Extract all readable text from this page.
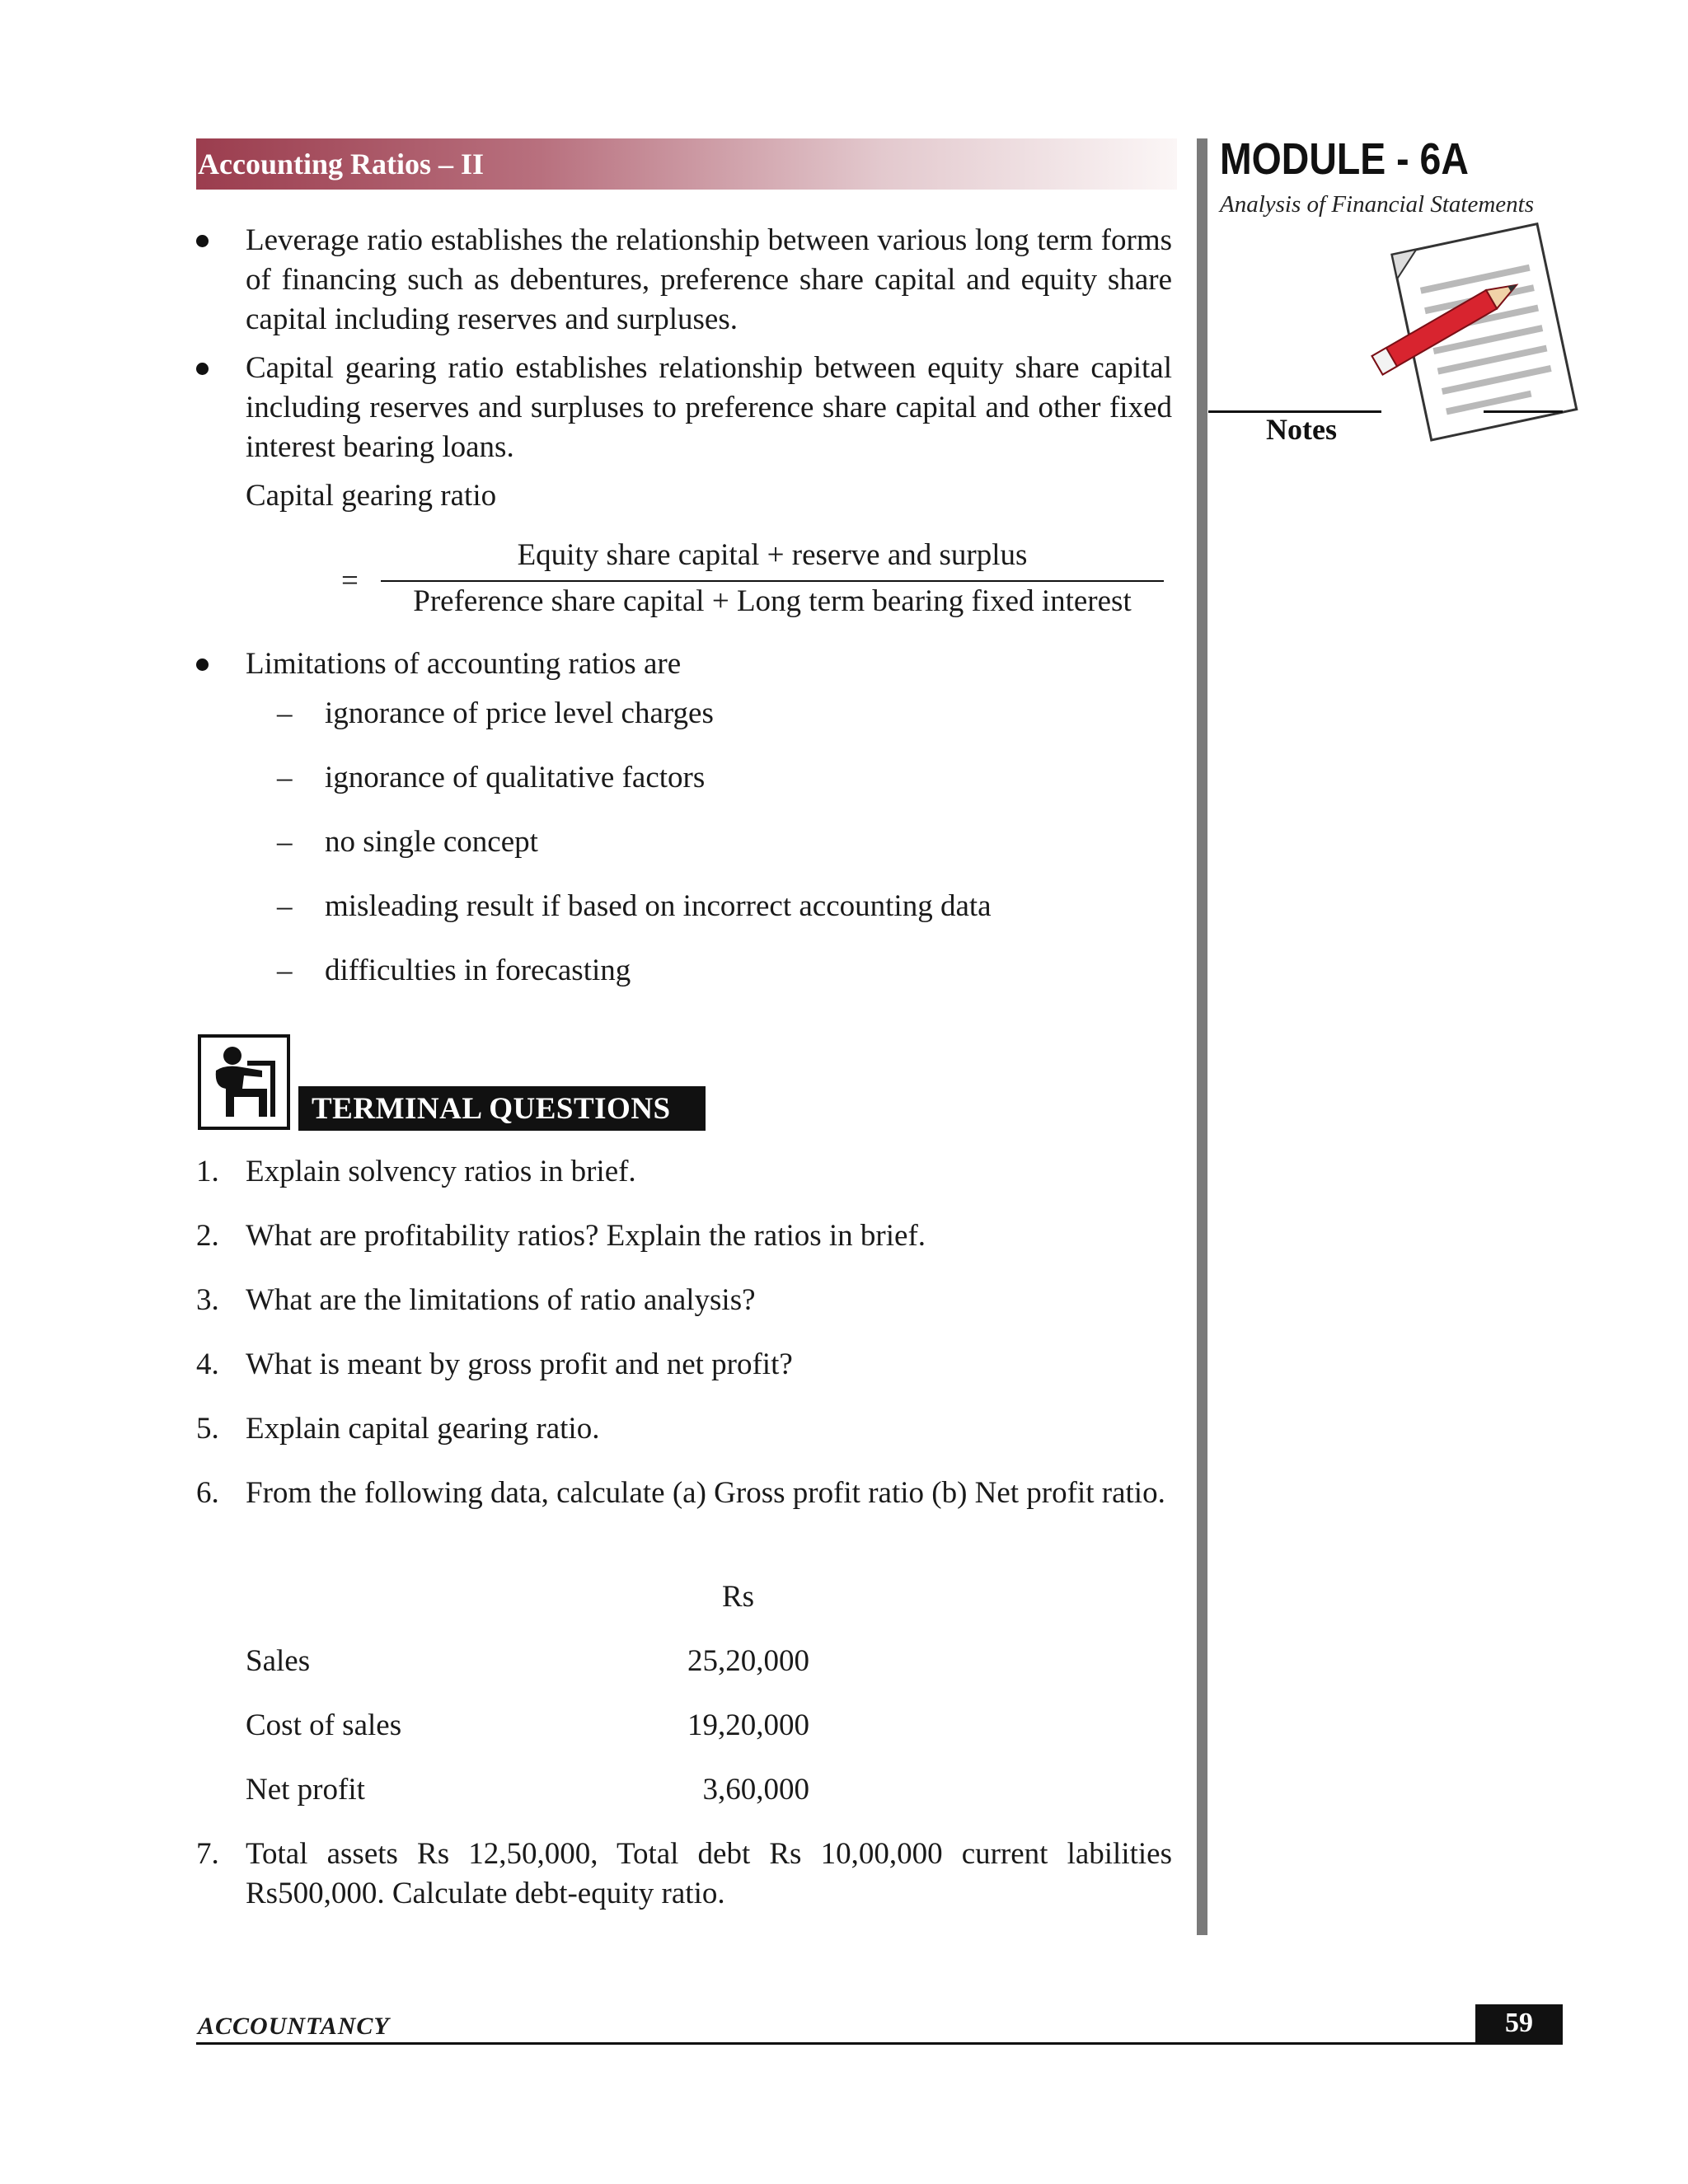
Accounting Ratios – II	MODULE - 6A
Analysis of Financial Statements
Notes
Leverage ratio establishes the relationship between various long term forms of financing such as debentures, preference share capital and equity share capital including reserves and surpluses.
Capital gearing ratio establishes relationship between equity share capital including reserves and surpluses to preference share capital and other fixed interest bearing loans.
Capital gearing ratio
=
Equity share capital + reserve and surplus
Preference share capital + Long term bearing fixed interest
Limitations of accounting ratios are
– ignorance of price level charges
– ignorance of qualitative factors
– no single concept
– misleading result if based on incorrect accounting data
– difficulties in forecasting
TERMINAL QUESTIONS
1. Explain solvency ratios in brief.
2. What are profitability ratios? Explain the ratios in brief.
3. What are the limitations of ratio analysis?
4. What is meant by gross profit and net profit?
5. Explain capital gearing ratio.
6. From the following data, calculate (a) Gross profit ratio (b) Net profit ratio.
Rs
Sales	25,20,000
Cost of sales	19,20,000
Net profit	3,60,000
7. Total assets Rs 12,50,000, Total debt Rs 10,00,000 current labilities Rs500,000. Calculate debt-equity ratio.
ACCOUNTANCY	59
